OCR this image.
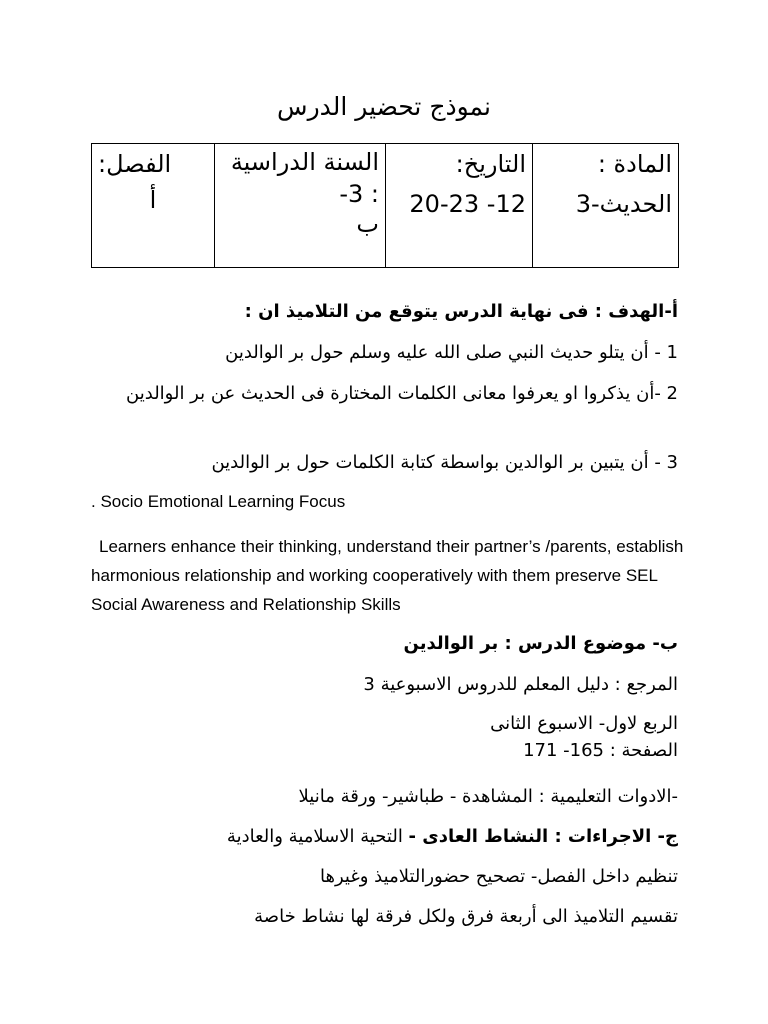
نموذج تحضير الدرس
المادة :
الحديث-3

التاريخ:
12- 20-23

السنة الدراسية : 3-
ب

الفصل:
أ
أ-الهدف : فى نهاية الدرس يتوقع من التلاميذ ان :
1 - أن يتلو حديث النبي صلى الله عليه وسلم حول بر الوالدين
2 -أن يذكروا او يعرفوا معانى الكلمات المختارة فى الحديث عن بر الوالدين
3 - أن يتبين بر الوالدين بواسطة كتابة الكلمات حول بر الوالدين
. Socio Emotional Learning Focus
Learners enhance their thinking, understand their partner’s /parents, establish harmonious relationship and working cooperatively with them preserve SEL Social Awareness and Relationship Skills
ب- موضوع الدرس : بر الوالدين
المرجع : دليل المعلم للدروس الاسبوعية 3
الربع لاول- الاسبوع الثانى
الصفحة : 165- 171
-الادوات التعليمية : المشاهدة - طباشير- ورقة مانيلا
ج- الاجراءات : النشاط العادى - التحية الاسلامية والعادية
تنظيم داخل الفصل- تصحيح حضورالتلاميذ وغيرها
تقسيم التلاميذ الى أربعة فرق ولكل فرقة لها نشاط خاصة
